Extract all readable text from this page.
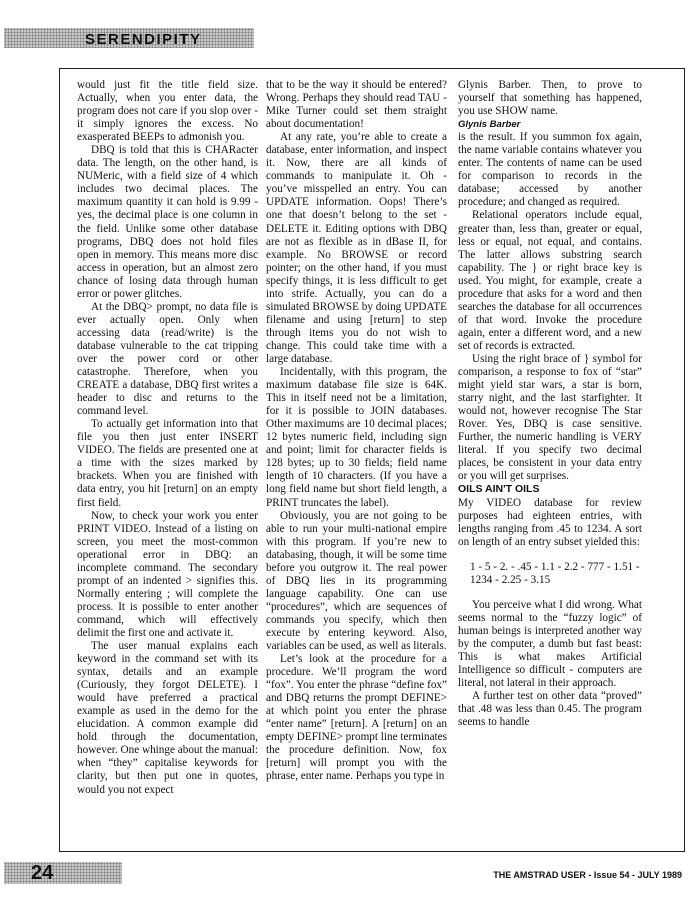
SERENDIPITY

would just fit the title field size. Actually, when you enter data, the program does not care if you slop over - it simply ignores the excess. No exasperated BEEPs to admonish you.

DBQ is told that this is CHARacter data. The length, on the other hand, is NUMeric, with a field size of 4 which includes two decimal places. The maximum quantity it can hold is 9.99 - yes, the decimal place is one column in the field. Unlike some other database programs, DBQ does not hold files open in memory. This means more disc access in operation, but an almost zero chance of losing data through human error or power glitches.

At the DBQ> prompt, no data file is ever actually open. Only when accessing data (read/write) is the database vulnerable to the cat tripping over the power cord or other catastrophe. Therefore, when you CREATE a database, DBQ first writes a header to disc and returns to the command level.

To actually get information into that file you then just enter INSERT VIDEO. The fields are presented one at a time with the sizes marked by brackets. When you are finished with data entry, you hit [return] on an empty first field.

Now, to check your work you enter PRINT VIDEO. Instead of a listing on screen, you meet the most-common operational error in DBQ: an incomplete command. The secondary prompt of an indented > signifies this. Normally entering ; will complete the process. It is possible to enter another command, which will effectively delimit the first one and activate it.

The user manual explains each keyword in the command set with its syntax, details and an example (Curiously, they forgot DELETE). I would have preferred a practical example as used in the demo for the elucidation. A common example did hold through the documentation, however. One whinge about the manual: when “they” capitalise keywords for clarity, but then put one in quotes, would you not expect

that to be the way it should be entered? Wrong. Perhaps they should read TAU - Mike Turner could set them straight about documentation!

At any rate, you’re able to create a database, enter information, and inspect it. Now, there are all kinds of commands to manipulate it. Oh - you’ve misspelled an entry. You can UPDATE information. Oops! There’s one that doesn’t belong to the set - DELETE it. Editing options with DBQ are not as flexible as in dBase II, for example. No BROWSE or record pointer; on the other hand, if you must specify things, it is less difficult to get into strife. Actually, you can do a simulated BROWSE by doing UPDATE filename and using [return] to step through items you do not wish to change. This could take time with a large database.

Incidentally, with this program, the maximum database file size is 64K. This in itself need not be a limitation, for it is possible to JOIN databases. Other maximums are 10 decimal places; 12 bytes numeric field, including sign and point; limit for character fields is 128 bytes; up to 30 fields; field name length of 10 characters. (If you have a long field name but short field length, a PRINT truncates the label).

Obviously, you are not going to be able to run your multi-national empire with this program. If you’re new to databasing, though, it will be some time before you outgrow it. The real power of DBQ lies in its programming language capability. One can use “procedures”, which are sequences of commands you specify, which then execute by entering keyword. Also, variables can be used, as well as literals.

Let’s look at the procedure for a procedure. We’ll program the word “fox”. You enter the phrase “define fox” and DBQ returns the prompt DEFINE> at which point you enter the phrase “enter name” [return]. A [return] on an empty DEFINE> prompt line terminates the procedure definition. Now, fox [return] will prompt you with the phrase, enter name. Perhaps you type in

Glynis Barber. Then, to prove to yourself that something has happened, you use SHOW name.

Glynis Barber

is the result. If you summon fox again, the name variable contains whatever you enter. The contents of name can be used for comparison to records in the database; accessed by another procedure; and changed as required.

Relational operators include equal, greater than, less than, greater or equal, less or equal, not equal, and contains. The latter allows substring search capability. The } or right brace key is used. You might, for example, create a procedure that asks for a word and then searches the database for all occurrences of that word. Invoke the procedure again, enter a different word, and a new set of records is extracted.

Using the right brace of } symbol for comparison, a response to fox of “star” might yield star wars, a star is born, starry night, and the last starfighter. It would not, however recognise The Star Rover. Yes, DBQ is case sensitive. Further, the numeric handling is VERY literal. If you specify two decimal places, be consistent in your data entry or you will get surprises.

OILS AIN'T OILS

My VIDEO database for review purposes had eighteen entries, with lengths ranging from .45 to 1234. A sort on length of an entry subset yielded this:

1 - 5 - 2. - .45 - 1.1 - 2.2 - 777 - 1.51 - 1234 - 2.25 - 3.15

You perceive what I did wrong. What seems normal to the “fuzzy logic” of human beings is interpreted another way by the computer, a dumb but fast beast: This is what makes Artificial Intelligence so difficult - computers are literal, not lateral in their approach.

A further test on other data “proved” that .48 was less than 0.45. The program seems to handle

24	THE AMSTRAD USER - Issue 54 - JULY 1989
